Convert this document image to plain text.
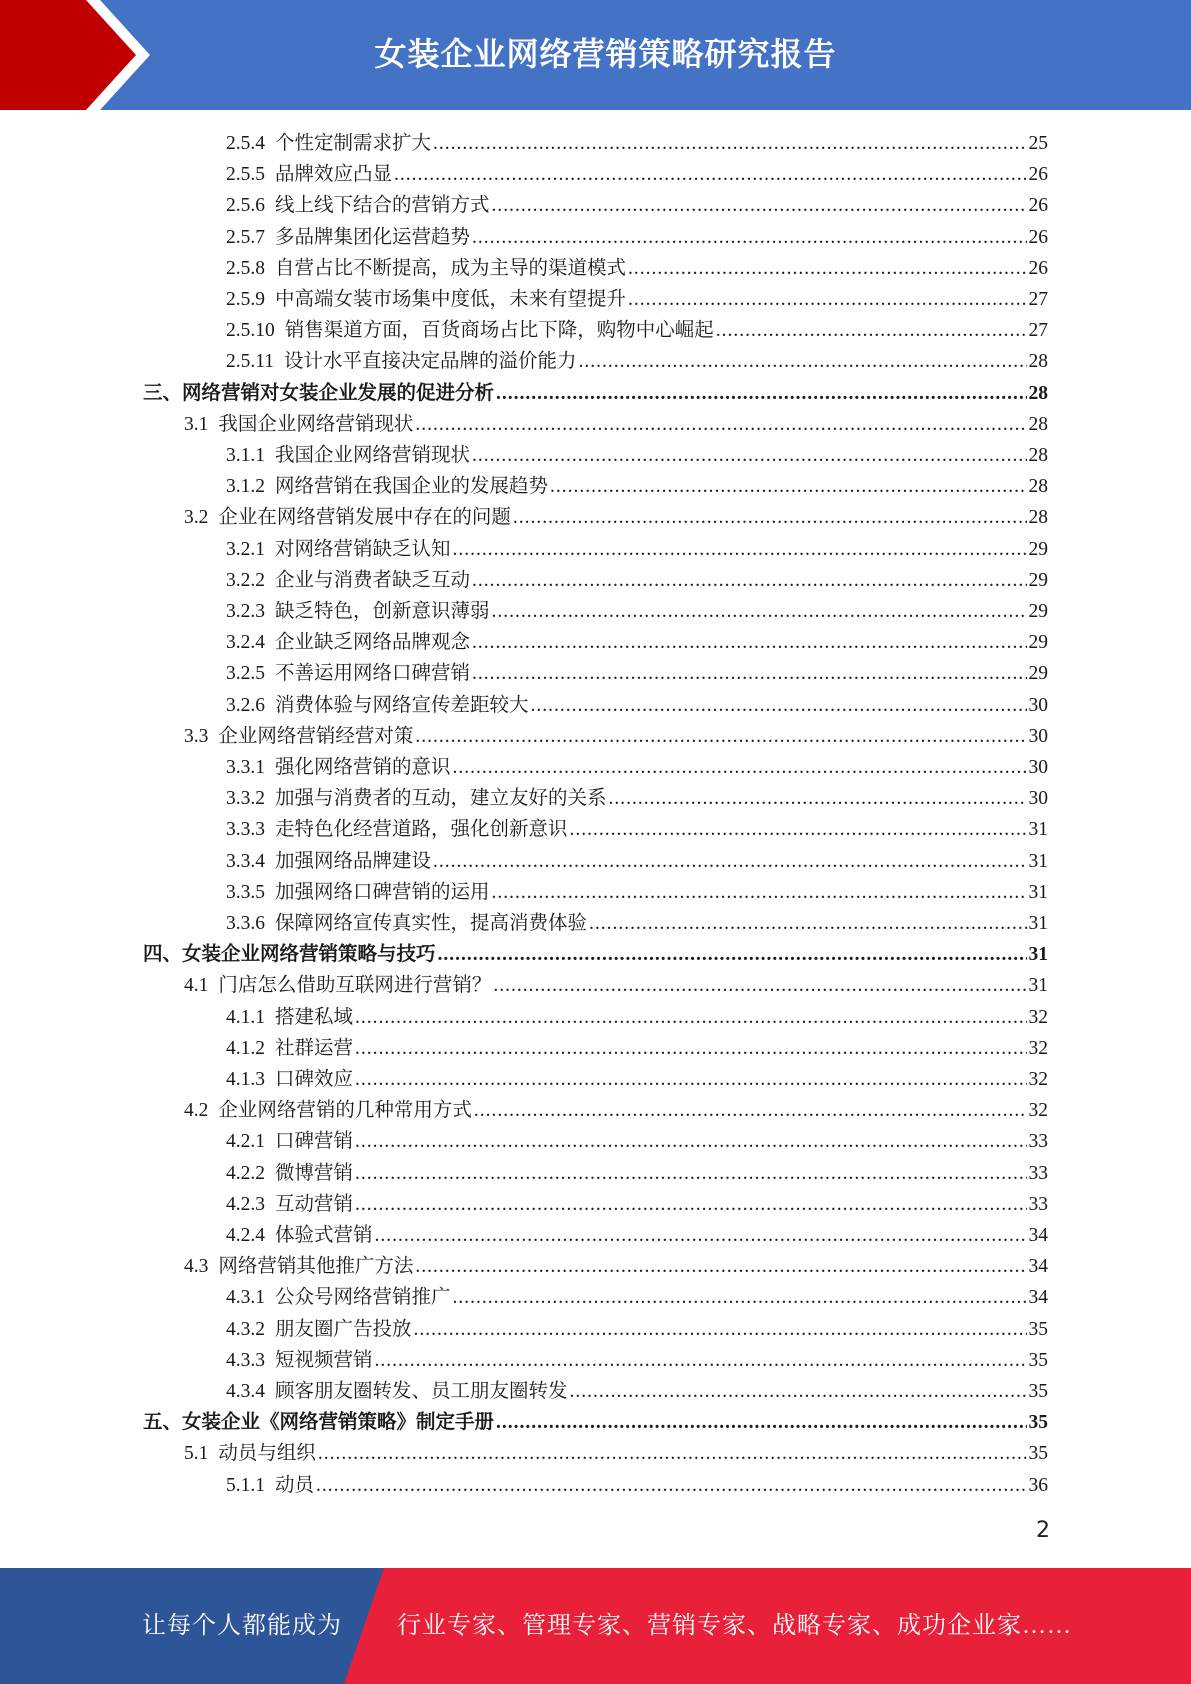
女装企业网络营销策略研究报告
2.5.4 个性定制需求扩大 .....	25
2.5.5 品牌效应凸显 .....	26
2.5.6 线上线下结合的营销方式 .....	26
2.5.7 多品牌集团化运营趋势 .....	26
2.5.8 自营占比不断提高，成为主导的渠道模式 .....	26
2.5.9 中高端女装市场集中度低，未来有望提升 .....	27
2.5.10 销售渠道方面，百货商场占比下降，购物中心崛起 .....	27
2.5.11 设计水平直接决定品牌的溢价能力 .....	28
三、 网络营销对女装企业发展的促进分析 .....	28
3.1 我国企业网络营销现状 .....	28
3.1.1 我国企业网络营销现状 .....	28
3.1.2 网络营销在我国企业的发展趋势 .....	28
3.2 企业在网络营销发展中存在的问题 .....	28
3.2.1 对网络营销缺乏认知 .....	29
3.2.2 企业与消费者缺乏互动 .....	29
3.2.3 缺乏特色，创新意识薄弱 .....	29
3.2.4 企业缺乏网络品牌观念 .....	29
3.2.5 不善运用网络口碑营销 .....	29
3.2.6 消费体验与网络宣传差距较大 .....	30
3.3 企业网络营销经营对策 .....	30
3.3.1 强化网络营销的意识 .....	30
3.3.2 加强与消费者的互动，建立友好的关系 .....	30
3.3.3 走特色化经营道路，强化创新意识 .....	31
3.3.4 加强网络品牌建设 .....	31
3.3.5 加强网络口碑营销的运用 .....	31
3.3.6 保障网络宣传真实性，提高消费体验 .....	31
四、 女装企业网络营销策略与技巧 .....	31
4.1 门店怎么借助互联网进行营销？ .....	31
4.1.1 搭建私域 .....	32
4.1.2 社群运营 .....	32
4.1.3 口碑效应 .....	32
4.2 企业网络营销的几种常用方式 .....	32
4.2.1 口碑营销 .....	33
4.2.2 微博营销 .....	33
4.2.3 互动营销 .....	33
4.2.4 体验式营销 .....	34
4.3 网络营销其他推广方法 .....	34
4.3.1 公众号网络营销推广 .....	34
4.3.2 朋友圈广告投放 .....	35
4.3.3 短视频营销 .....	35
4.3.4 顾客朋友圈转发、员工朋友圈转发 .....	35
五、 女装企业《网络营销策略》制定手册 .....	35
5.1 动员与组织 .....	35
5.1.1 动员 .....	36
2
让每个人都能成为 行业专家、管理专家、营销专家、战略专家、成功企业家……
